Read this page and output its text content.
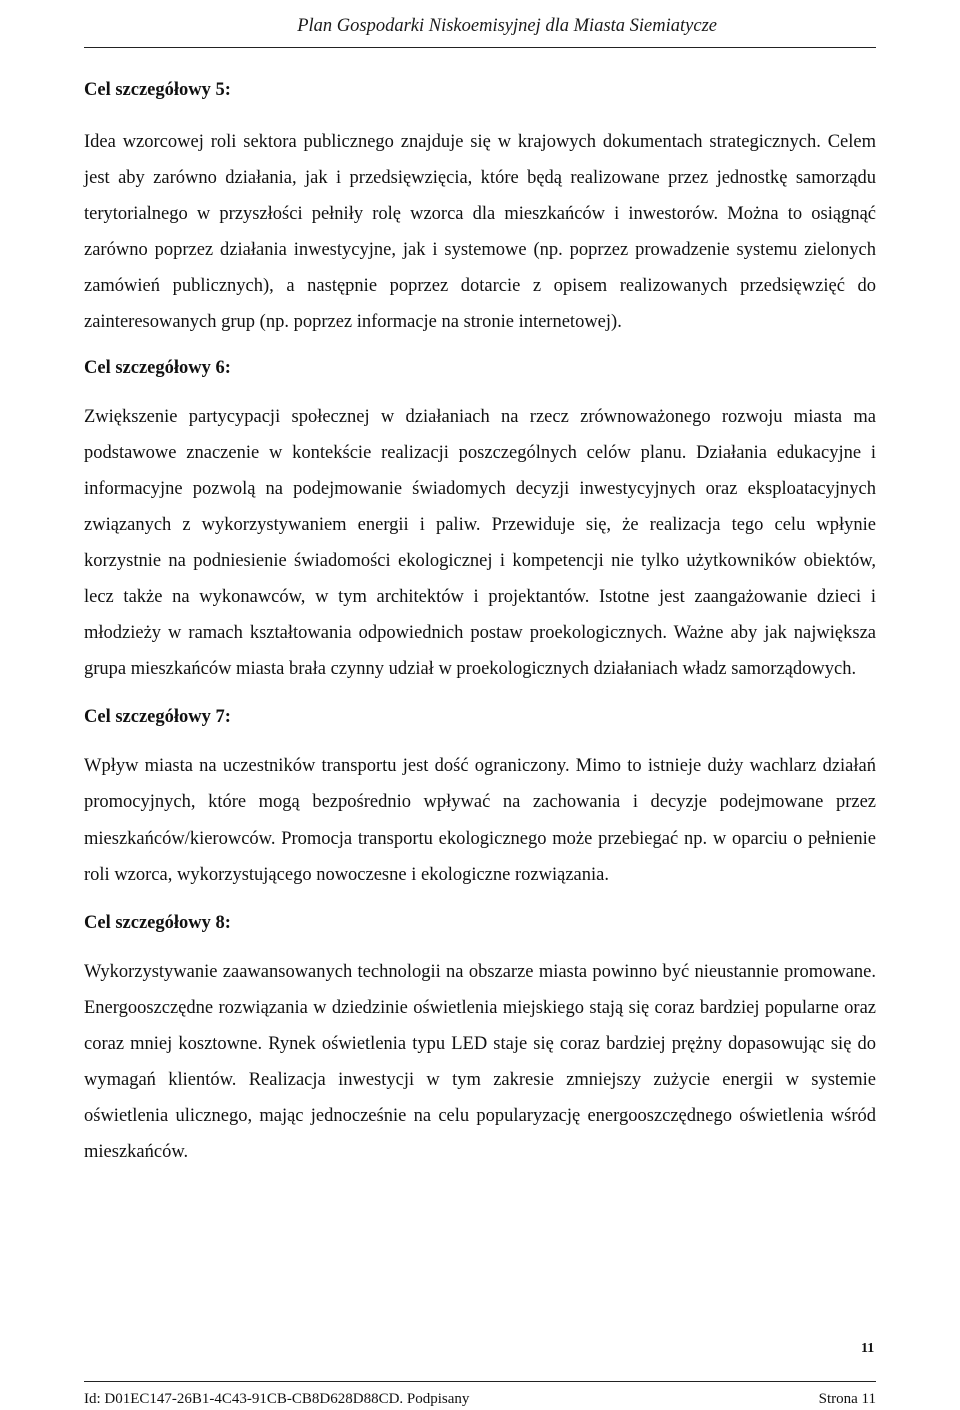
Plan Gospodarki Niskoemisyjnej dla Miasta Siemiatycze

Cel szczegółowy 5:

Idea wzorcowej roli sektora publicznego znajduje się w krajowych dokumentach strategicznych. Celem jest aby zarówno działania, jak i przedsięwzięcia, które będą realizowane przez jednostkę samorządu terytorialnego w przyszłości pełniły rolę wzorca dla mieszkańców i inwestorów. Można to osiągnąć zarówno poprzez działania inwestycyjne, jak i systemowe (np. poprzez prowadzenie systemu zielonych zamówień publicznych), a następnie poprzez dotarcie z opisem realizowanych przedsięwzięć do zainteresowanych grup (np. poprzez informacje na stronie internetowej).

Cel szczegółowy 6:

Zwiększenie partycypacji społecznej w działaniach na rzecz zrównoważonego rozwoju miasta ma podstawowe znaczenie w kontekście realizacji poszczególnych celów planu. Działania edukacyjne i informacyjne pozwolą na podejmowanie świadomych decyzji inwestycyjnych oraz eksploatacyjnych związanych z wykorzystywaniem energii i paliw. Przewiduje się, że realizacja tego celu wpłynie korzystnie na podniesienie świadomości ekologicznej i kompetencji nie tylko użytkowników obiektów, lecz także na wykonawców, w tym architektów i projektantów. Istotne jest zaangażowanie dzieci i młodzieży w ramach kształtowania odpowiednich postaw proekologicznych. Ważne aby jak największa grupa mieszkańców miasta brała czynny udział w proekologicznych działaniach władz samorządowych.

Cel szczegółowy 7:

Wpływ miasta na uczestników transportu jest dość ograniczony. Mimo to istnieje duży wachlarz działań promocyjnych, które mogą bezpośrednio wpływać na zachowania i decyzje podejmowane przez mieszkańców/kierowców. Promocja transportu ekologicznego może przebiegać np. w oparciu o pełnienie roli wzorca, wykorzystującego nowoczesne i ekologiczne rozwiązania.

Cel szczegółowy 8:

Wykorzystywanie zaawansowanych technologii na obszarze miasta powinno być nieustannie promowane. Energooszczędne rozwiązania w dziedzinie oświetlenia miejskiego stają się coraz bardziej popularne oraz coraz mniej kosztowne. Rynek oświetlenia typu LED staje się coraz bardziej prężny dopasowując się do wymagań klientów. Realizacja inwestycji w tym zakresie zmniejszy zużycie energii w systemie oświetlenia ulicznego, mając jednocześnie na celu popularyzację energooszczędnego oświetlenia wśród mieszkańców.

11
Id: D01EC147-26B1-4C43-91CB-CB8D628D88CD. Podpisany	Strona 11
